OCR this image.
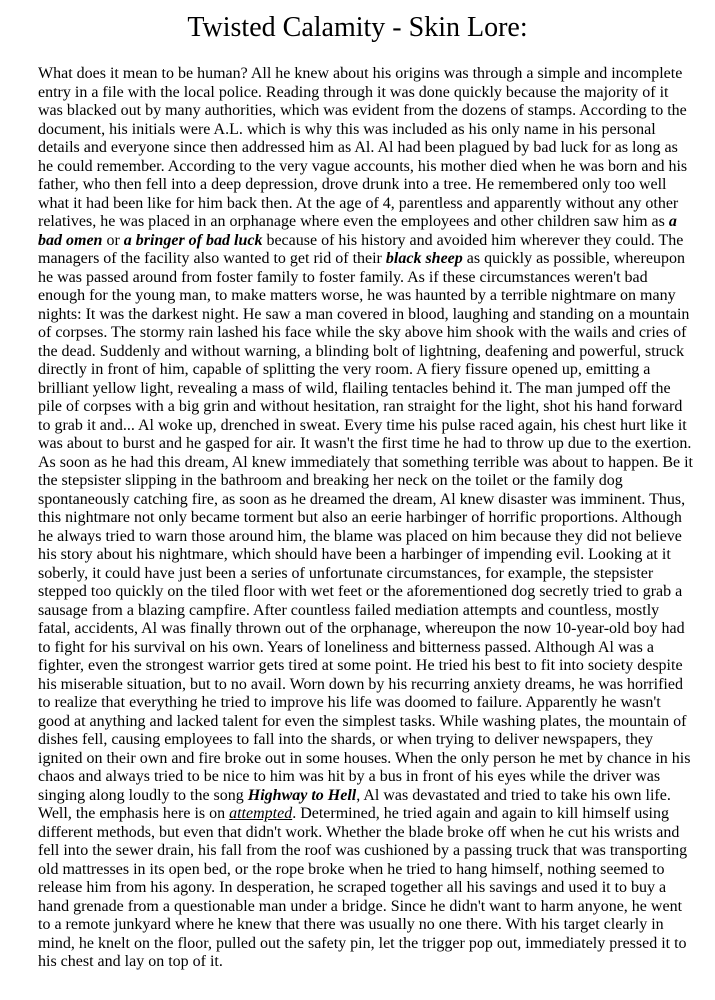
Twisted Calamity - Skin Lore:

What does it mean to be human? All he knew about his origins was through a simple and incomplete entry in a file with the local police. Reading through it was done quickly because the majority of it was blacked out by many authorities, which was evident from the dozens of stamps. According to the document, his initials were A.L. which is why this was included as his only name in his personal details and everyone since then addressed him as Al. Al had been plagued by bad luck for as long as he could remember. According to the very vague accounts, his mother died when he was born and his father, who then fell into a deep depression, drove drunk into a tree. He remembered only too well what it had been like for him back then. At the age of 4, parentless and apparently without any other relatives, he was placed in an orphanage where even the employees and other children saw him as a bad omen or a bringer of bad luck because of his history and avoided him wherever they could. The managers of the facility also wanted to get rid of their black sheep as quickly as possible, whereupon he was passed around from foster family to foster family. As if these circumstances weren't bad enough for the young man, to make matters worse, he was haunted by a terrible nightmare on many nights: It was the darkest night. He saw a man covered in blood, laughing and standing on a mountain of corpses. The stormy rain lashed his face while the sky above him shook with the wails and cries of the dead. Suddenly and without warning, a blinding bolt of lightning, deafening and powerful, struck directly in front of him, capable of splitting the very room. A fiery fissure opened up, emitting a brilliant yellow light, revealing a mass of wild, flailing tentacles behind it. The man jumped off the pile of corpses with a big grin and without hesitation, ran straight for the light, shot his hand forward to grab it and... Al woke up, drenched in sweat. Every time his pulse raced again, his chest hurt like it was about to burst and he gasped for air. It wasn't the first time he had to throw up due to the exertion. As soon as he had this dream, Al knew immediately that something terrible was about to happen. Be it the stepsister slipping in the bathroom and breaking her neck on the toilet or the family dog spontaneously catching fire, as soon as he dreamed the dream, Al knew disaster was imminent. Thus, this nightmare not only became torment but also an eerie harbinger of horrific proportions. Although he always tried to warn those around him, the blame was placed on him because they did not believe his story about his nightmare, which should have been a harbinger of impending evil. Looking at it soberly, it could have just been a series of unfortunate circumstances, for example, the stepsister stepped too quickly on the tiled floor with wet feet or the aforementioned dog secretly tried to grab a sausage from a blazing campfire. After countless failed mediation attempts and countless, mostly fatal, accidents, Al was finally thrown out of the orphanage, whereupon the now 10-year-old boy had to fight for his survival on his own. Years of loneliness and bitterness passed. Although Al was a fighter, even the strongest warrior gets tired at some point. He tried his best to fit into society despite his miserable situation, but to no avail. Worn down by his recurring anxiety dreams, he was horrified to realize that everything he tried to improve his life was doomed to failure. Apparently he wasn't good at anything and lacked talent for even the simplest tasks. While washing plates, the mountain of dishes fell, causing employees to fall into the shards, or when trying to deliver newspapers, they ignited on their own and fire broke out in some houses. When the only person he met by chance in his chaos and always tried to be nice to him was hit by a bus in front of his eyes while the driver was singing along loudly to the song Highway to Hell, Al was devastated and tried to take his own life. Well, the emphasis here is on attempted. Determined, he tried again and again to kill himself using different methods, but even that didn't work. Whether the blade broke off when he cut his wrists and fell into the sewer drain, his fall from the roof was cushioned by a passing truck that was transporting old mattresses in its open bed, or the rope broke when he tried to hang himself, nothing seemed to release him from his agony. In desperation, he scraped together all his savings and used it to buy a hand grenade from a questionable man under a bridge. Since he didn't want to harm anyone, he went to a remote junkyard where he knew that there was usually no one there. With his target clearly in mind, he knelt on the floor, pulled out the safety pin, let the trigger pop out, immediately pressed it to his chest and lay on top of it.
